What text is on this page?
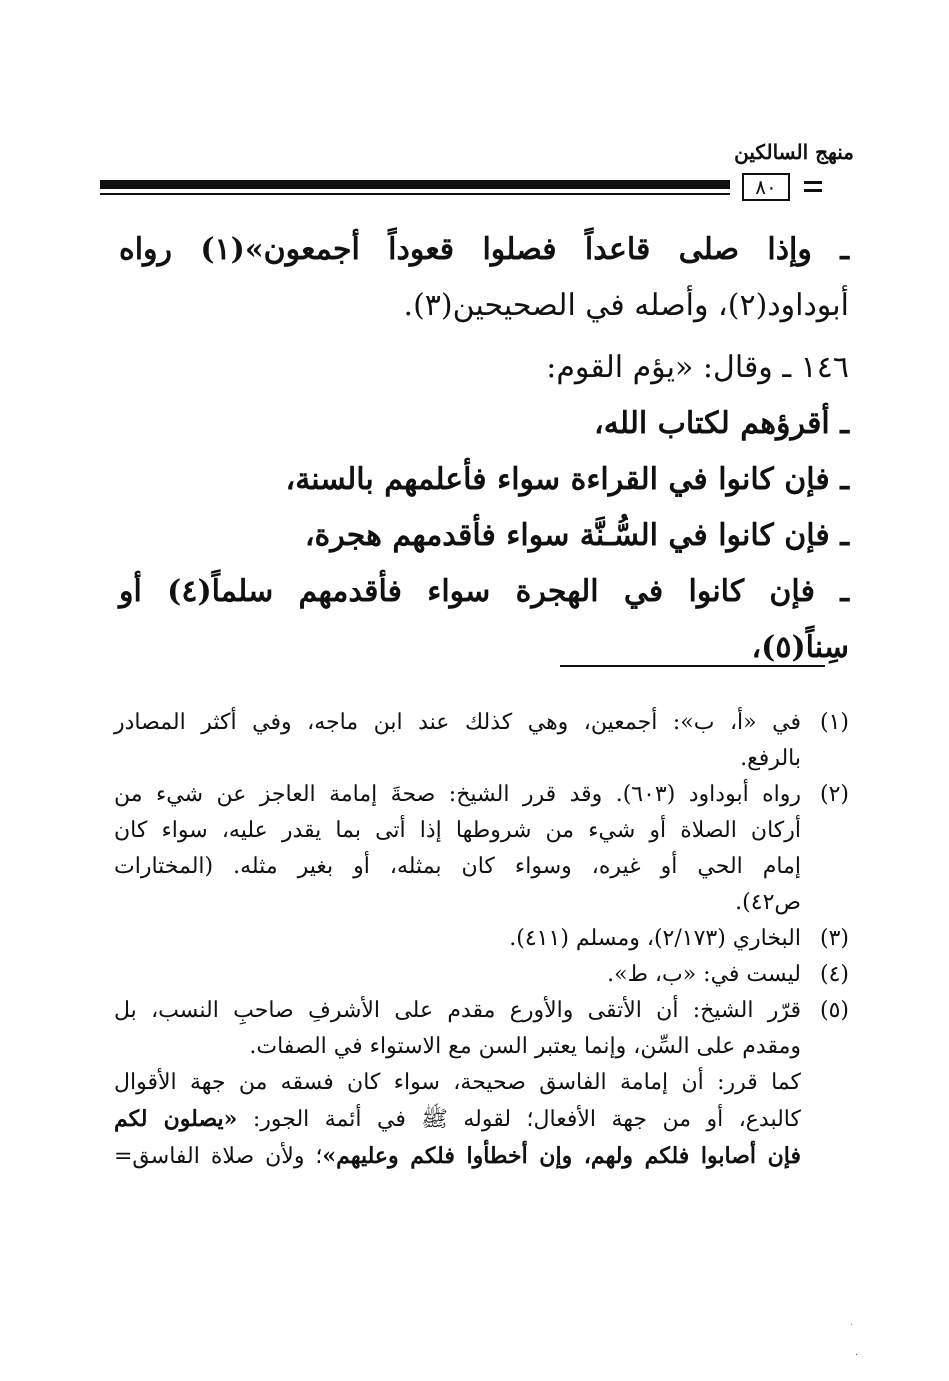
منهج السالكين
٨٠

ـ وإذا صلى قاعداً فصلوا قعوداً أجمعون»(١) رواه

أبوداود(٢)، وأصله في الصحيحين(٣).

١٤٦ ـ وقال: «يؤم القوم:

ـ أقرؤهم لكتاب الله،

ـ فإن كانوا في القراءة سواء فأعلمهم بالسنة،

ـ فإن كانوا في السُّـنَّة سواء فأقدمهم هجرة،

ـ فإن كانوا في الهجرة سواء فأقدمهم سلماً(٤) أو

سِناً(٥)،

(١)
في «أ، ب»: أجمعين، وهي كذلك عند ابن ماجه، وفي أكثر المصادر
بالرفع.
(٢)
رواه أبوداود (٦٠٣). وقد قرر الشيخ: صحةَ إمامة العاجز عن شيء من
أركان الصلاة أو شيء من شروطها إذا أتى بما يقدر عليه، سواء كان
إمام الحي أو غيره، وسواء كان بمثله، أو بغير مثله. (المختارات
ص٤٢).
(٣)
البخاري (٢/١٧٣)، ومسلم (٤١١).
(٤)
ليست في: «ب، ط».
(٥)
قرّر الشيخ: أن الأتقى والأورع مقدم على الأشرفِ صاحبِ النسب، بل
ومقدم على السِّن، وإنما يعتبر السن مع الاستواء في الصفات.
كما قرر: أن إمامة الفاسق صحيحة، سواء كان فسقه من جهة الأقوال
كالبدع، أو من جهة الأفعال؛ لقوله ﷺ في أئمة الجور: «يصلون لكم
فإن أصابوا فلكم ولهم، وإن أخطأوا فلكم وعليهم»؛ ولأن صلاة الفاسق=
·
·
